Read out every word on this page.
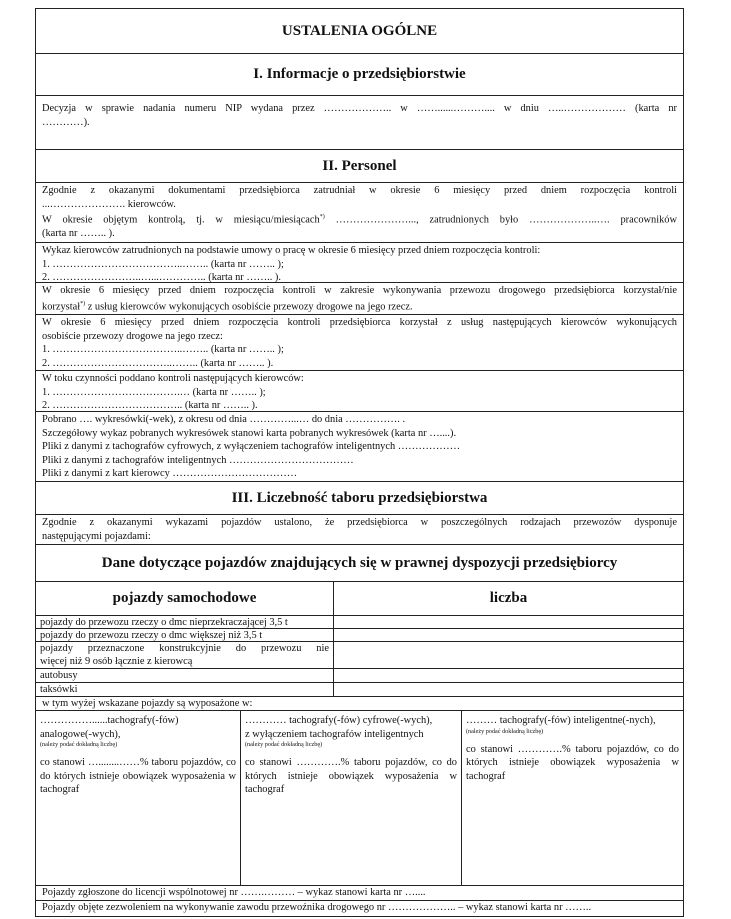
USTALENIA OGÓLNE
I. Informacje o przedsiębiorstwie
Decyzja w sprawie nadania numeru NIP wydana przez ……………….. w ……......……….... w dniu …..……………… (karta nr
…………).
II. Personel
Zgodnie z okazanymi dokumentami przedsiębiorca zatrudniał w okresie 6 miesięcy przed dniem rozpoczęcia kontroli
...…………………. kierowców.
W okresie objętym kontrolą, tj. w miesiącu/miesiącach*) …………………..., zatrudnionych było ………………..…. pracowników
(karta nr …….. ).
Wykaz kierowców zatrudnionych na podstawie umowy o pracę w okresie 6 miesięcy przed dniem rozpoczęcia kontroli:
1. ………………………………..…….. (karta nr …….. );
2. ……………………..…...………….. (karta nr …….. ).
W okresie 6 miesięcy przed dniem rozpoczęcia kontroli w zakresie wykonywania przewozu drogowego przedsiębiorca korzystał/nie
korzystał*) z usług kierowców wykonujących osobiście przewozy drogowe na jego rzecz.
W okresie 6 miesięcy przed dniem rozpoczęcia kontroli przedsiębiorca korzystał z usług następujących kierowców wykonujących
osobiście przewozy drogowe na jego rzecz:
1. ………………………………..…….. (karta nr …….. );
2. ……………………………..…….. (karta nr …….. ).
W toku czynności poddano kontroli następujących kierowców:
1. ……………………………….… (karta nr …….. );
2. ……………………………….. (karta nr …….. ).
Pobrano …. wykresówki(-wek), z okresu od dnia …………...… do dnia ……………. .
Szczegółowy wykaz pobranych wykresówek stanowi karta pobranych wykresówek (karta nr …....).
Pliki z danymi z tachografów cyfrowych, z wyłączeniem tachografów inteligentnych ………………
Pliki z danymi z tachografów inteligentnych ………………………………
Pliki z danymi z kart kierowcy ………………………………
III. Liczebność taboru przedsiębiorstwa
Zgodnie z okazanymi wykazami pojazdów ustalono, że przedsiębiorca w poszczególnych rodzajach przewozów dysponuje
następującymi pojazdami:
Dane dotyczące pojazdów znajdujących się w prawnej dyspozycji przedsiębiorcy
pojazdy samochodowe	liczba
pojazdy do przewozu rzeczy o dmc nieprzekraczającej 3,5 t
pojazdy do przewozu rzeczy o dmc większej niż 3,5 t
pojazdy przeznaczone konstrukcyjnie do przewozu nie
więcej niż 9 osób łącznie z kierowcą
autobusy
taksówki
w tym wyżej wskazane pojazdy są wyposażone w:
……………......tachografy(-fów)
analogowe(-wych),
(należy podać dokładną liczbę)
co stanowi …........……% taboru pojazdów, co do których istnieje obowiązek wyposażenia w tachograf
………… tachografy(-fów) cyfrowe(-wych),
z wyłączeniem tachografów inteligentnych
(należy podać dokładną liczbę)
co stanowi ………….% taboru pojazdów, co do których istnieje obowiązek wyposażenia w tachograf
……… tachografy(-fów) inteligentne(-nych),
(należy podać dokładną liczbę)
co stanowi ………….% taboru pojazdów, co do których istnieje obowiązek wyposażenia w tachograf
Pojazdy zgłoszone do licencji wspólnotowej nr …….……… – wykaz stanowi karta nr …....
Pojazdy objęte zezwoleniem na wykonywanie zawodu przewoźnika drogowego nr ……………….. – wykaz stanowi karta nr ……..
